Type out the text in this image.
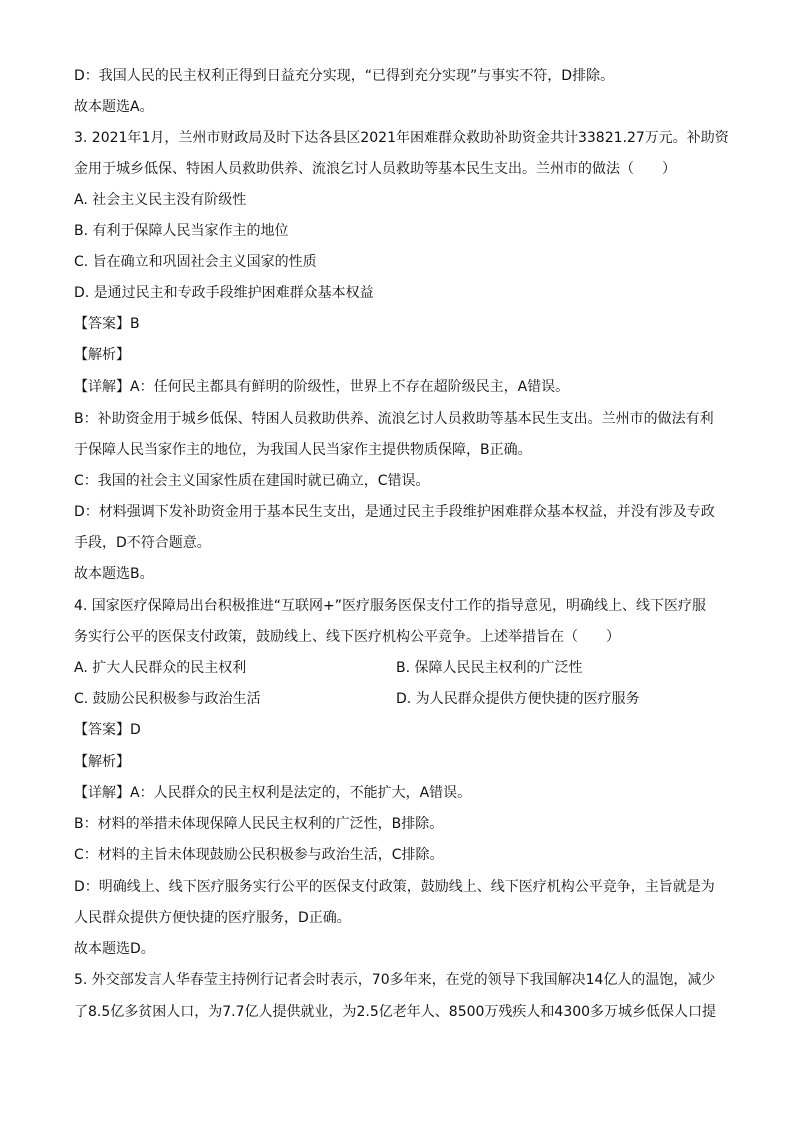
D：我国人民的民主权利正得到日益充分实现，“已得到充分实现”与事实不符，D排除。
故本题选A。
3. 2021年1月，兰州市财政局及时下达各县区2021年困难群众救助补助资金共计33821.27万元。补助资
金用于城乡低保、特困人员救助供养、流浪乞讨人员救助等基本民生支出。兰州市的做法（　　）
A. 社会主义民主没有阶级性
B. 有利于保障人民当家作主的地位
C. 旨在确立和巩固社会主义国家的性质
D. 是通过民主和专政手段维护困难群众基本权益
【答案】B
【解析】
【详解】A：任何民主都具有鲜明的阶级性，世界上不存在超阶级民主，A错误。
B：补助资金用于城乡低保、特困人员救助供养、流浪乞讨人员救助等基本民生支出。兰州市的做法有利
于保障人民当家作主的地位，为我国人民当家作主提供物质保障，B正确。
C：我国的社会主义国家性质在建国时就已确立，C错误。
D：材料强调下发补助资金用于基本民生支出，是通过民主手段维护困难群众基本权益，并没有涉及专政
手段，D不符合题意。
故本题选B。
4. 国家医疗保障局出台积极推进“互联网+”医疗服务医保支付工作的指导意见，明确线上、线下医疗服
务实行公平的医保支付政策，鼓励线上、线下医疗机构公平竞争。上述举措旨在（　　）
A. 扩大人民群众的民主权利	B. 保障人民民主权利的广泛性
C. 鼓励公民积极参与政治生活	D. 为人民群众提供方便快捷的医疗服务
【答案】D
【解析】
【详解】A：人民群众的民主权利是法定的，不能扩大，A错误。
B：材料的举措未体现保障人民民主权利的广泛性，B排除。
C：材料的主旨未体现鼓励公民积极参与政治生活，C排除。
D：明确线上、线下医疗服务实行公平的医保支付政策，鼓励线上、线下医疗机构公平竞争，主旨就是为
人民群众提供方便快捷的医疗服务，D正确。
故本题选D。
5. 外交部发言人华春莹主持例行记者会时表示，70多年来，在党的领导下我国解决14亿人的温饱，减少
了8.5亿多贫困人口，为7.7亿人提供就业，为2.5亿老年人、8500万残疾人和4300多万城乡低保人口提
